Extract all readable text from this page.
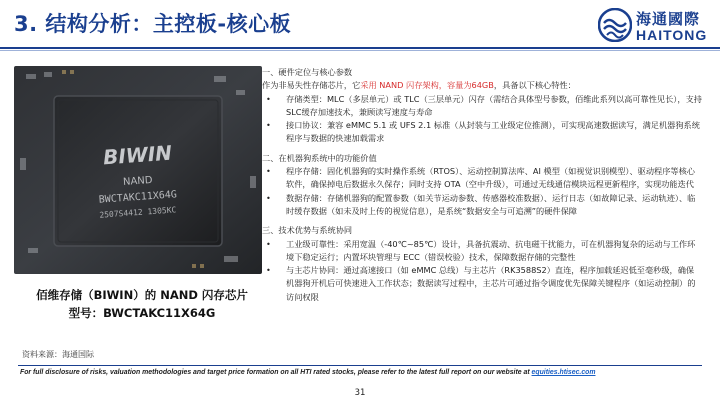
3. 结构分析：主控板-核心板	海通國際
HAITONG
BIWIN
NAND
BWCTAKC11X64G
2507S4412 1305KC
佰维存储（BIWIN）的 NAND 闪存芯片
型号：BWCTAKC11X64G
资料来源：海通国际

一、硬件定位与核心参数

作为非易失性存储芯片，它采用 NAND 闪存架构，容量为64GB，具备以下核心特性：

• 存储类型：MLC（多层单元）或 TLC（三层单元）闪存（需结合具体型号参数，佰维此系列以高可靠性见长），支持SLC缓存加速技术，兼顾读写速度与寿命

• 接口协议：兼容 eMMC 5.1 或 UFS 2.1 标准（从封装与工业级定位推测），可实现高速数据读写，满足机器狗系统程序与数据的快速加载需求

二、在机器狗系统中的功能价值

• 程序存储：固化机器狗的实时操作系统（RTOS）、运动控制算法库、AI 模型（如视觉识别模型）、驱动程序等核心软件，确保掉电后数据永久保存；同时支持 OTA（空中升级），可通过无线通信模块远程更新程序，实现功能迭代

• 数据存储：存储机器狗的配置参数（如关节运动参数、传感器校准数据）、运行日志（如故障记录、运动轨迹）、临时缓存数据（如未及时上传的视觉信息），是系统“数据安全与可追溯”的硬件保障

三、技术优势与系统协同

• 工业级可靠性：采用宽温（-40℃~85℃）设计，具备抗震动、抗电磁干扰能力，可在机器狗复杂的运动与工作环境下稳定运行；内置坏块管理与 ECC（错误校验）技术，保障数据存储的完整性

• 与主芯片协同：通过高速接口（如 eMMC 总线）与主芯片（RK3588S2）直连，程序加载延迟低至毫秒级，确保机器狗开机后可快速进入工作状态；数据读写过程中，主芯片可通过指令调度优先保障关键程序（如运动控制）的访问权限

For full disclosure of risks, valuation methodologies and target price formation on all HTI rated stocks, please refer to the latest full report on our website at equities.htisec.com
31
